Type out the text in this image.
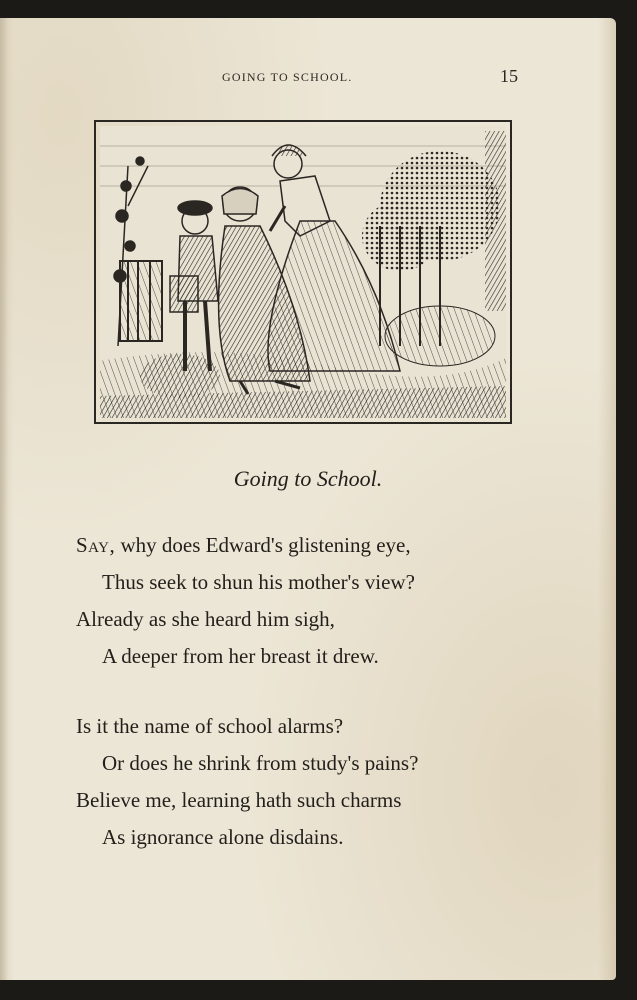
GOING TO SCHOOL.	15
Going to School.
Say, why does Edward's glistening eye,
Thus seek to shun his mother's view?
Already as she heard him sigh,
A deeper from her breast it drew.
Is it the name of school alarms?
Or does he shrink from study's pains?
Believe me, learning hath such charms
As ignorance alone disdains.
